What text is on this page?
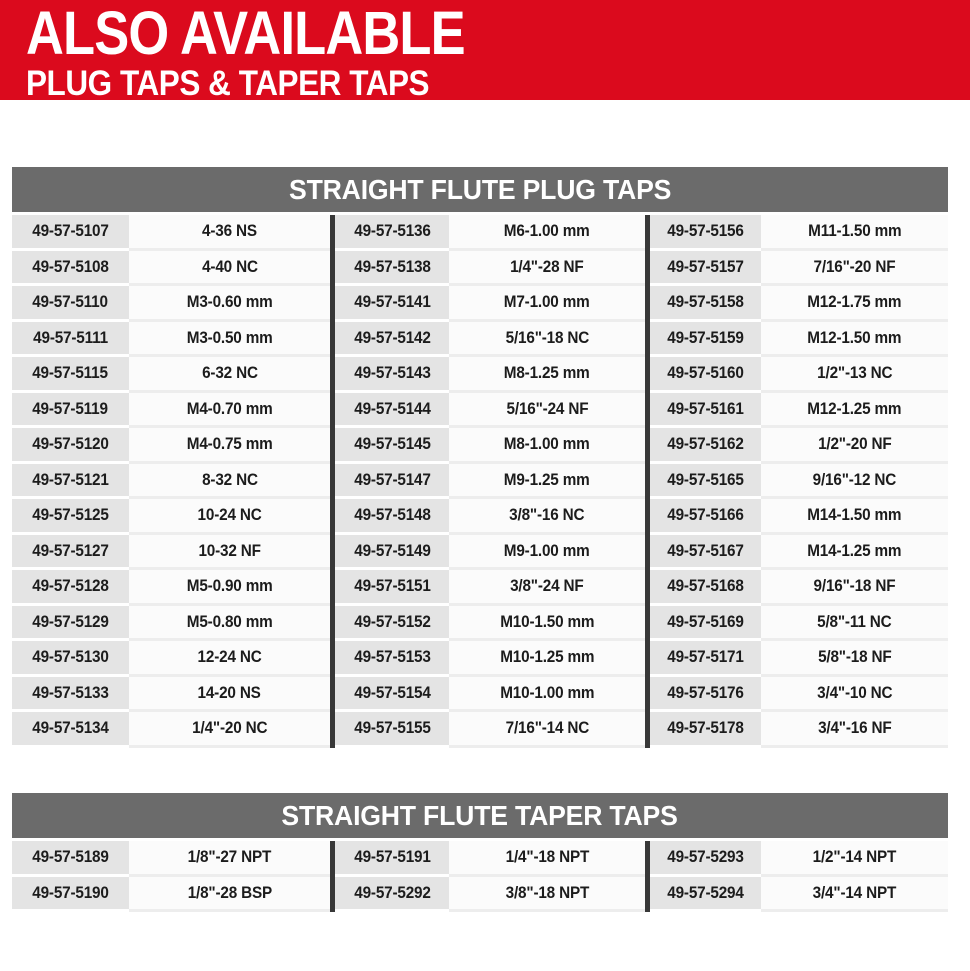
ALSO AVAILABLE
PLUG TAPS & TAPER TAPS
STRAIGHT FLUTE PLUG TAPS
49-57-5107	4-36 NS
49-57-5108	4-40 NC
49-57-5110	M3-0.60 mm
49-57-5111	M3-0.50 mm
49-57-5115	6-32 NC
49-57-5119	M4-0.70 mm
49-57-5120	M4-0.75 mm
49-57-5121	8-32 NC
49-57-5125	10-24 NC
49-57-5127	10-32 NF
49-57-5128	M5-0.90 mm
49-57-5129	M5-0.80 mm
49-57-5130	12-24 NC
49-57-5133	14-20 NS
49-57-5134	1/4"-20 NC
49-57-5136	M6-1.00 mm
49-57-5138	1/4"-28 NF
49-57-5141	M7-1.00 mm
49-57-5142	5/16"-18 NC
49-57-5143	M8-1.25 mm
49-57-5144	5/16"-24 NF
49-57-5145	M8-1.00 mm
49-57-5147	M9-1.25 mm
49-57-5148	3/8"-16 NC
49-57-5149	M9-1.00 mm
49-57-5151	3/8"-24 NF
49-57-5152	M10-1.50 mm
49-57-5153	M10-1.25 mm
49-57-5154	M10-1.00 mm
49-57-5155	7/16"-14 NC
49-57-5156	M11-1.50 mm
49-57-5157	7/16"-20 NF
49-57-5158	M12-1.75 mm
49-57-5159	M12-1.50 mm
49-57-5160	1/2"-13 NC
49-57-5161	M12-1.25 mm
49-57-5162	1/2"-20 NF
49-57-5165	9/16"-12 NC
49-57-5166	M14-1.50 mm
49-57-5167	M14-1.25 mm
49-57-5168	9/16"-18 NF
49-57-5169	5/8"-11 NC
49-57-5171	5/8"-18 NF
49-57-5176	3/4"-10 NC
49-57-5178	3/4"-16 NF
STRAIGHT FLUTE TAPER TAPS
49-57-5189	1/8"-27 NPT
49-57-5190	1/8"-28 BSP
49-57-5191	1/4"-18 NPT
49-57-5292	3/8"-18 NPT
49-57-5293	1/2"-14 NPT
49-57-5294	3/4"-14 NPT
